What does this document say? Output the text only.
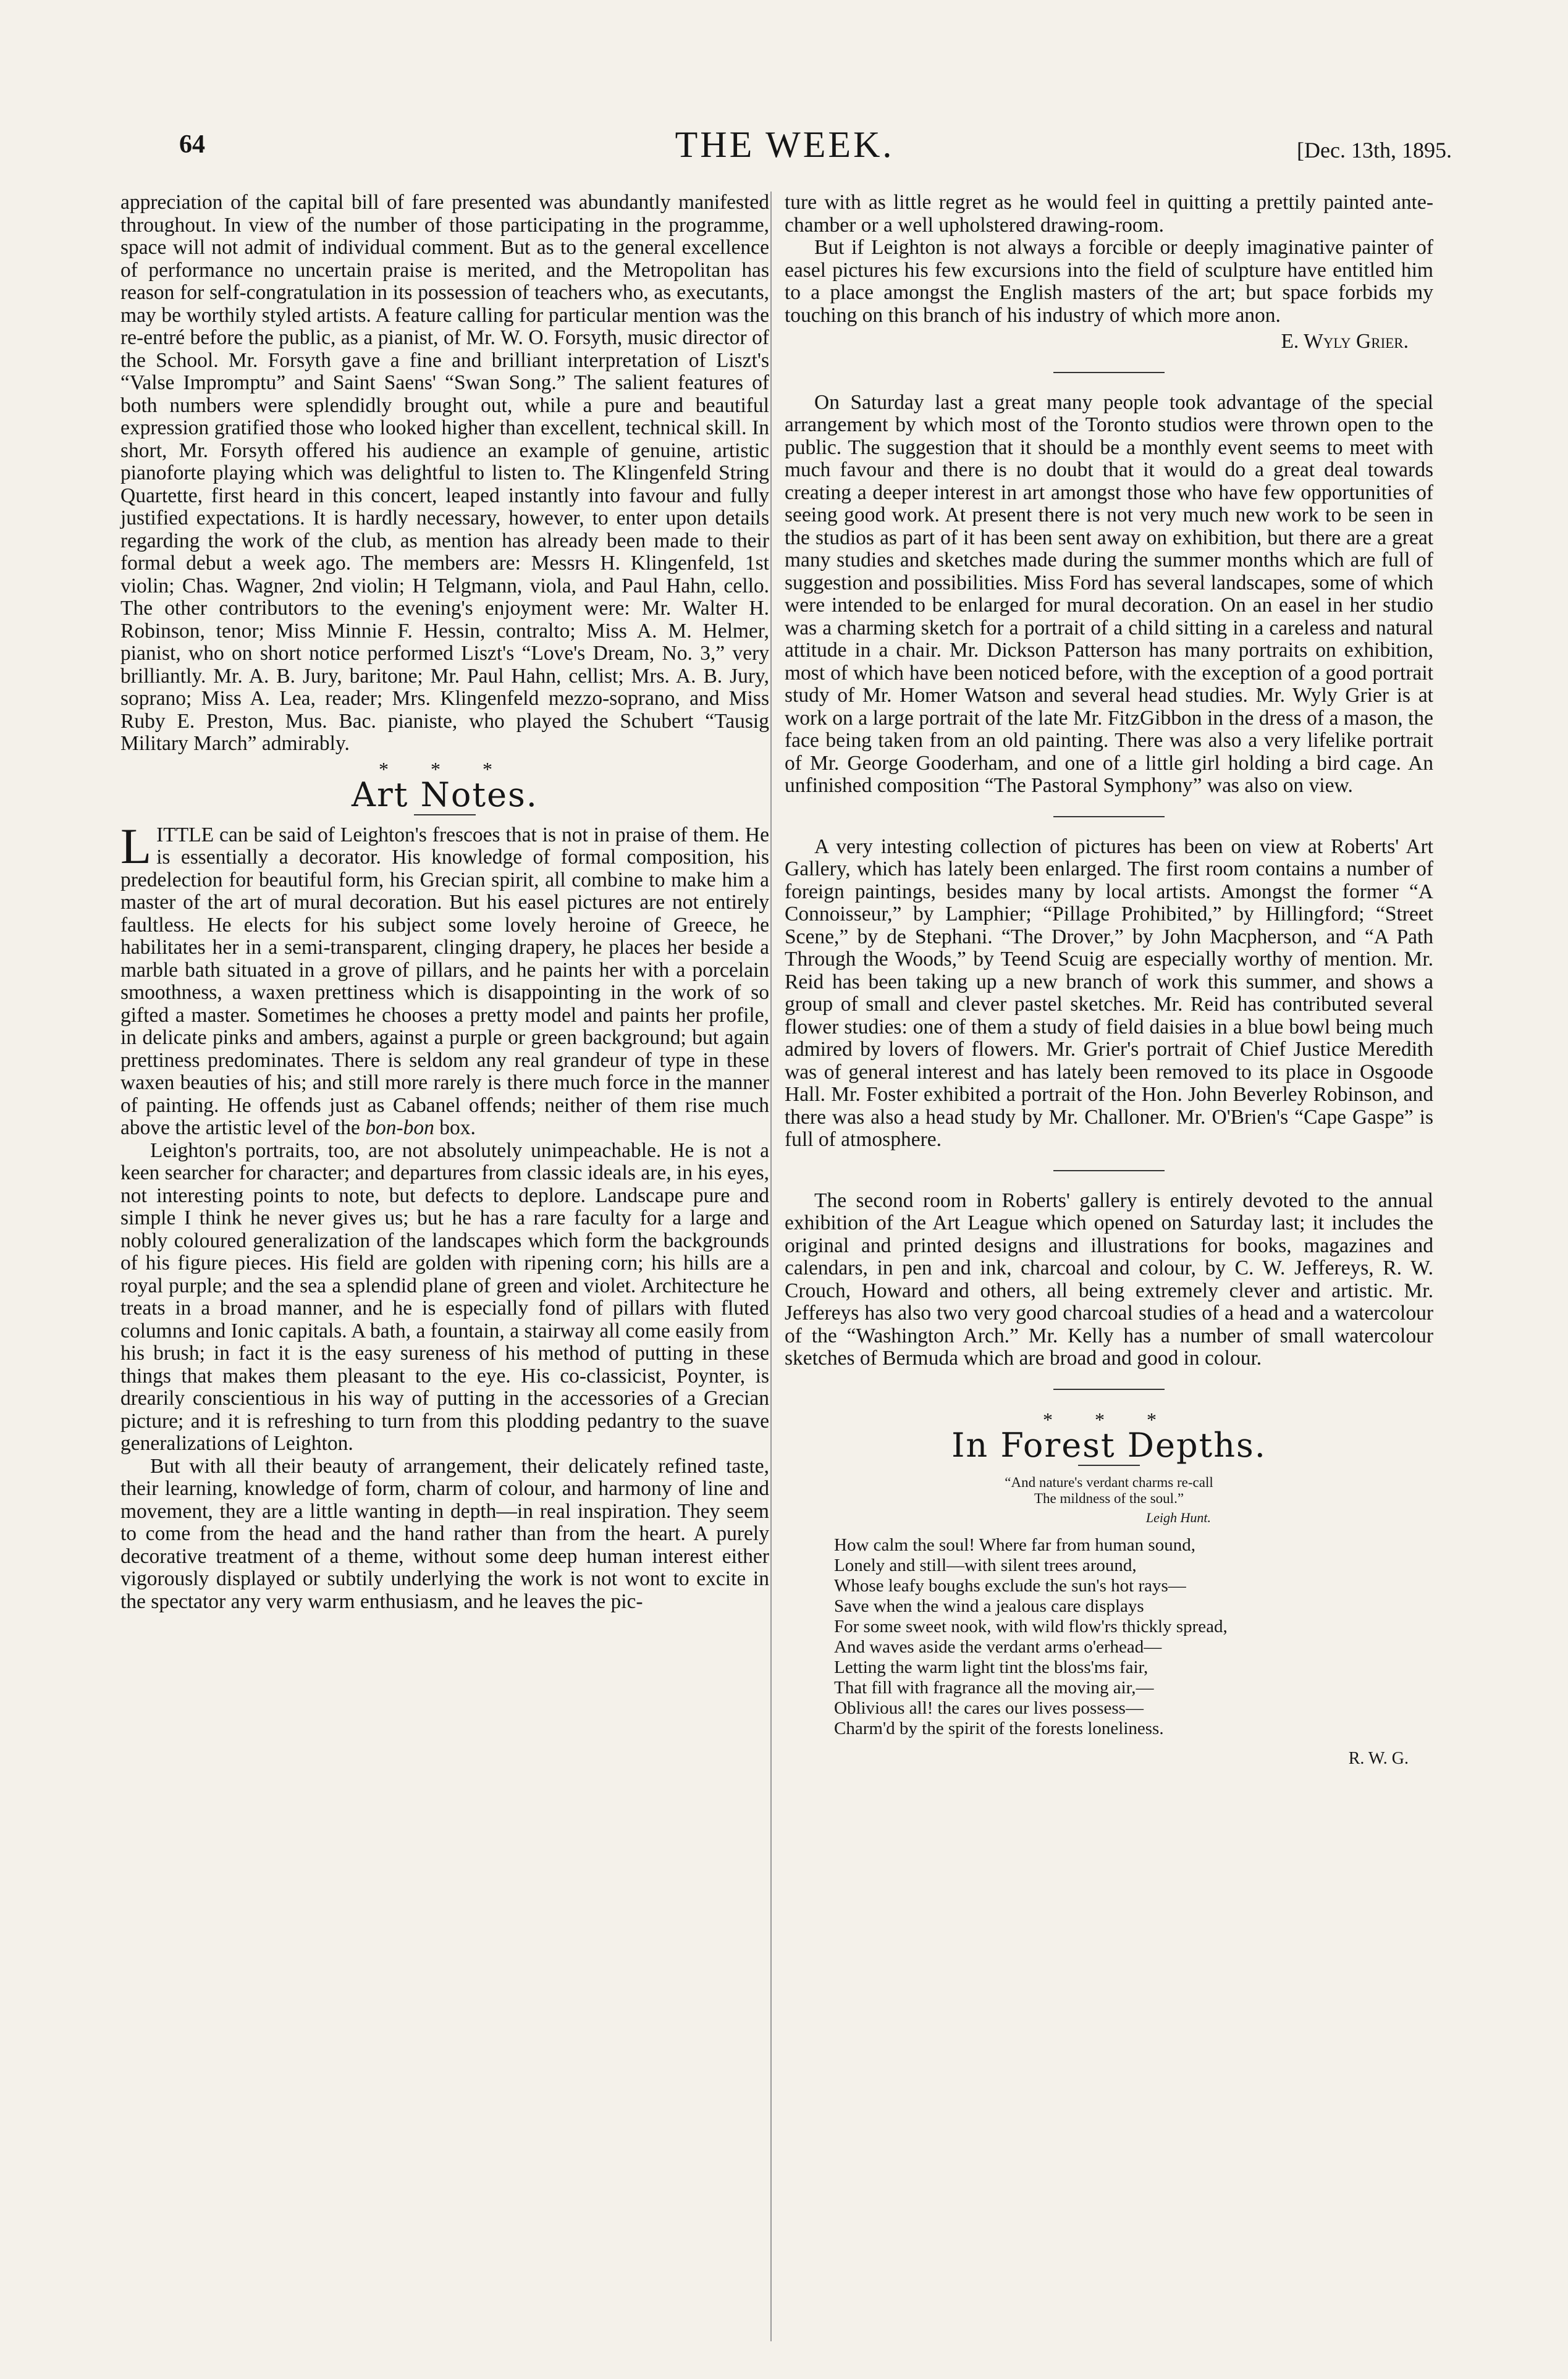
64	THE WEEK.	[Dec. 13th, 1895.

appreciation of the capital bill of fare presented was abundantly manifested throughout. In view of the number of those participating in the programme, space will not admit of individual comment. But as to the general excellence of performance no uncertain praise is merited, and the Metropolitan has reason for self-congratulation in its possession of teachers who, as executants, may be worthily styled artists. A feature calling for particular mention was the re-entré before the public, as a pianist, of Mr. W. O. Forsyth, music director of the School. Mr. Forsyth gave a fine and brilliant interpretation of Liszt's “Valse Impromptu” and Saint Saens' “Swan Song.” The salient features of both numbers were splendidly brought out, while a pure and beautiful expression gratified those who looked higher than excellent, technical skill. In short, Mr. Forsyth offered his audience an example of genuine, artistic pianoforte playing which was delightful to listen to. The Klingenfeld String Quartette, first heard in this concert, leaped instantly into favour and fully justified expectations. It is hardly necessary, however, to enter upon details regarding the work of the club, as mention has already been made to their formal debut a week ago. The members are: Messrs H. Klingenfeld, 1st violin; Chas. Wagner, 2nd violin; H Telgmann, viola, and Paul Hahn, cello. The other contributors to the evening's enjoyment were: Mr. Walter H. Robinson, tenor; Miss Minnie F. Hessin, contralto; Miss A. M. Helmer, pianist, who on short notice performed Liszt's “Love's Dream, No. 3,” very brilliantly. Mr. A. B. Jury, baritone; Mr. Paul Hahn, cellist; Mrs. A. B. Jury, soprano; Miss A. Lea, reader; Mrs. Klingenfeld mezzo-soprano, and Miss Ruby E. Preston, Mus. Bac. pianiste, who played the Schubert “Tausig Military March” admirably.

* * *
Art Notes.

LITTLE can be said of Leighton's frescoes that is not in praise of them. He is essentially a decorator. His knowledge of formal composition, his predelection for beautiful form, his Grecian spirit, all combine to make him a master of the art of mural decoration. But his easel pictures are not entirely faultless. He elects for his subject some lovely heroine of Greece, he habilitates her in a semi-transparent, clinging drapery, he places her beside a marble bath situated in a grove of pillars, and he paints her with a porcelain smoothness, a waxen prettiness which is disappointing in the work of so gifted a master. Sometimes he chooses a pretty model and paints her profile, in delicate pinks and ambers, against a purple or green background; but again prettiness predominates. There is seldom any real grandeur of type in these waxen beauties of his; and still more rarely is there much force in the manner of painting. He offends just as Cabanel offends; neither of them rise much above the artistic level of the bon-bon box.

Leighton's portraits, too, are not absolutely unimpeachable. He is not a keen searcher for character; and departures from classic ideals are, in his eyes, not interesting points to note, but defects to deplore. Landscape pure and simple I think he never gives us; but he has a rare faculty for a large and nobly coloured generalization of the landscapes which form the backgrounds of his figure pieces. His field are golden with ripening corn; his hills are a royal purple; and the sea a splendid plane of green and violet. Architecture he treats in a broad manner, and he is especially fond of pillars with fluted columns and Ionic capitals. A bath, a fountain, a stairway all come easily from his brush; in fact it is the easy sureness of his method of putting in these things that makes them pleasant to the eye. His co-classicist, Poynter, is drearily conscientious in his way of putting in the accessories of a Grecian picture; and it is refreshing to turn from this plodding pedantry to the suave generalizations of Leighton.

But with all their beauty of arrangement, their delicately refined taste, their learning, knowledge of form, charm of colour, and harmony of line and movement, they are a little wanting in depth—in real inspiration. They seem to come from the head and the hand rather than from the heart. A purely decorative treatment of a theme, without some deep human interest either vigorously displayed or subtily underlying the work is not wont to excite in the spectator any very warm enthusiasm, and he leaves the pic-

ture with as little regret as he would feel in quitting a prettily painted ante-chamber or a well upholstered drawing-room.

But if Leighton is not always a forcible or deeply imaginative painter of easel pictures his few excursions into the field of sculpture have entitled him to a place amongst the English masters of the art; but space forbids my touching on this branch of his industry of which more anon.

E. Wyly Grier.

On Saturday last a great many people took advantage of the special arrangement by which most of the Toronto studios were thrown open to the public. The suggestion that it should be a monthly event seems to meet with much favour and there is no doubt that it would do a great deal towards creating a deeper interest in art amongst those who have few opportunities of seeing good work. At present there is not very much new work to be seen in the studios as part of it has been sent away on exhibition, but there are a great many studies and sketches made during the summer months which are full of suggestion and possibilities. Miss Ford has several landscapes, some of which were intended to be enlarged for mural decoration. On an easel in her studio was a charming sketch for a portrait of a child sitting in a careless and natural attitude in a chair. Mr. Dickson Patterson has many portraits on exhibition, most of which have been noticed before, with the exception of a good portrait study of Mr. Homer Watson and several head studies. Mr. Wyly Grier is at work on a large portrait of the late Mr. FitzGibbon in the dress of a mason, the face being taken from an old painting. There was also a very lifelike portrait of Mr. George Gooderham, and one of a little girl holding a bird cage. An unfinished composition “The Pastoral Symphony” was also on view.

A very intesting collection of pictures has been on view at Roberts' Art Gallery, which has lately been enlarged. The first room contains a number of foreign paintings, besides many by local artists. Amongst the former “A Connoisseur,” by Lamphier; “Pillage Prohibited,” by Hillingford; “Street Scene,” by de Stephani. “The Drover,” by John Macpherson, and “A Path Through the Woods,” by Teend Scuig are especially worthy of mention. Mr. Reid has been taking up a new branch of work this summer, and shows a group of small and clever pastel sketches. Mr. Reid has contributed several flower studies: one of them a study of field daisies in a blue bowl being much admired by lovers of flowers. Mr. Grier's portrait of Chief Justice Meredith was of general interest and has lately been removed to its place in Osgoode Hall. Mr. Foster exhibited a portrait of the Hon. John Beverley Robinson, and there was also a head study by Mr. Challoner. Mr. O'Brien's “Cape Gaspe” is full of atmosphere.

The second room in Roberts' gallery is entirely devoted to the annual exhibition of the Art League which opened on Saturday last; it includes the original and printed designs and illustrations for books, magazines and calendars, in pen and ink, charcoal and colour, by C. W. Jeffereys, R. W. Crouch, Howard and others, all being extremely clever and artistic. Mr. Jeffereys has also two very good charcoal studies of a head and a watercolour of the “Washington Arch.” Mr. Kelly has a number of small watercolour sketches of Bermuda which are broad and good in colour.

* * *
In Forest Depths.
“And nature's verdant charms re-call
The mildness of the soul.”
Leigh Hunt.
How calm the soul! Where far from human sound,
Lonely and still—with silent trees around,
Whose leafy boughs exclude the sun's hot rays—
Save when the wind a jealous care displays
For some sweet nook, with wild flow'rs thickly spread,
And waves aside the verdant arms o'erhead—
Letting the warm light tint the bloss'ms fair,
That fill with fragrance all the moving air,—
Oblivious all! the cares our lives possess—
Charm'd by the spirit of the forests loneliness.
R. W. G.
